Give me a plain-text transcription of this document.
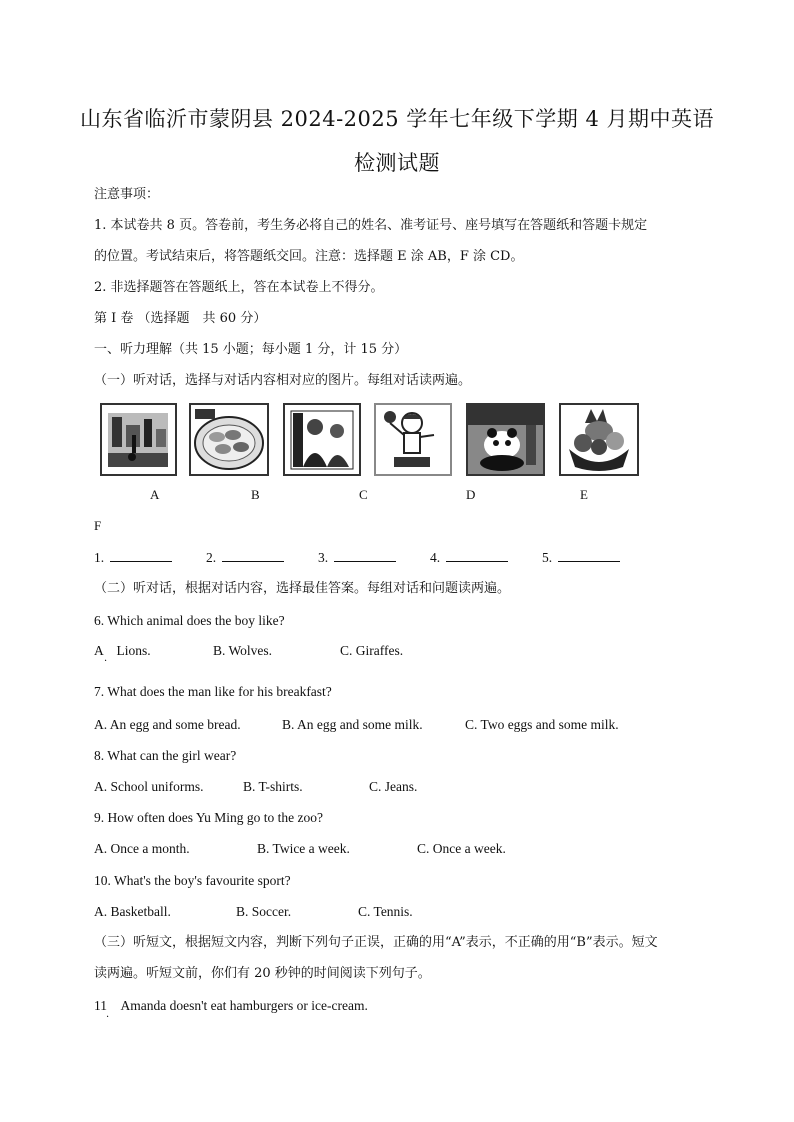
山东省临沂市蒙阴县 2024-2025 学年七年级下学期 4 月期中英语
检测试题
注意事项：
1. 本试卷共 8 页。答卷前，考生务必将自己的姓名、准考证号、座号填写在答题纸和答题卡规定
的位置。考试结束后，将答题纸交回。注意：选择题 E 涂 AB，F 涂 CD。
2. 非选择题答在答题纸上，答在本试卷上不得分。
第 I 卷 （选择题　共 60 分）
一、听力理解（共 15 小题；每小题 1 分，计 15 分）
（一）听对话，选择与对话内容相对应的图片。每组对话读两遍。
A	B	C	D	E
F
1.	2.	3.	4.	5.
（二）听对话，根据对话内容，选择最佳答案。每组对话和问题读两遍。
6. Which animal does the boy like?
A　Lions.	B. Wolves.	C. Giraffes.
·
7. What does the man like for his breakfast?
A. An egg and some bread.	B. An egg and some milk.	C. Two eggs and some milk.
8. What can the girl wear?
A. School uniforms.	B. T-shirts.	C. Jeans.
9. How often does Yu Ming go to the zoo?
A. Once a month.	B. Twice a week.	C. Once a week.
10. What's the boy's favourite sport?
A. Basketball.	B. Soccer.	C. Tennis.
（三）听短文，根据短文内容，判断下列句子正误，正确的用“A”表示，不正确的用“B”表示。短文
读两遍。听短文前，你们有 20 秒钟的时间阅读下列句子。
11　Amanda doesn't eat hamburgers or ice-cream.
·
